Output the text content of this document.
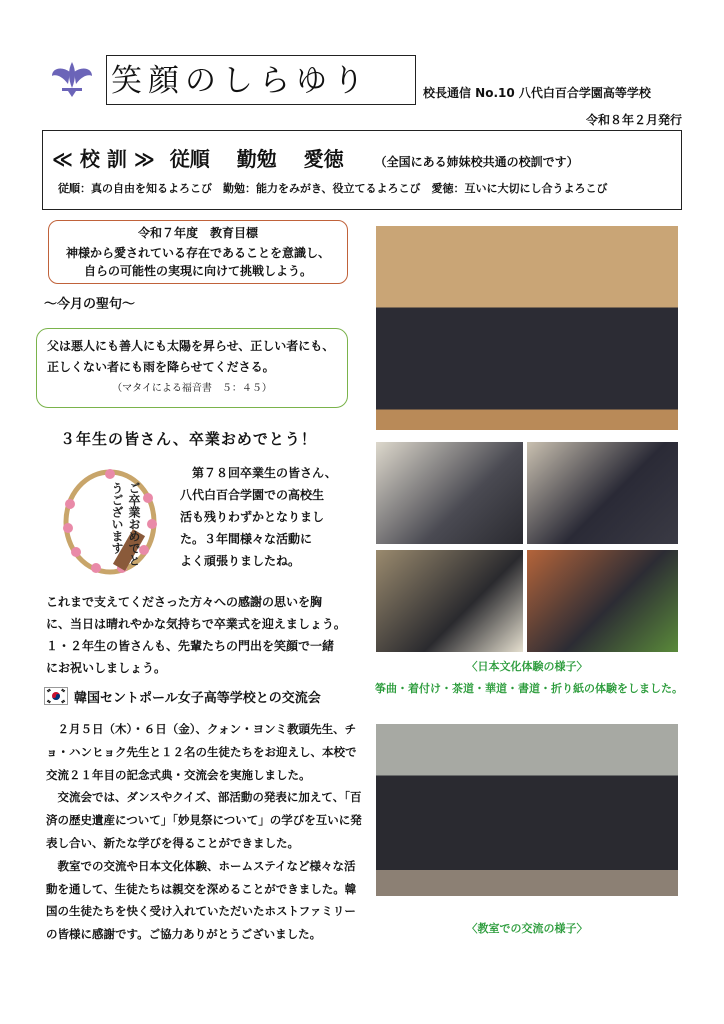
笑顔のしらゆり	校長通信 No.10 八代白百合学園高等学校
令和８年２月発行
≪ 校 訓 ≫ 従順　 勤勉 　愛徳	（全国にある姉妹校共通の校訓です）
従順：真の自由を知るよろこび　勤勉：能力をみがき、役立てるよろこび　愛徳：互いに大切にし合うよろこび
令和７年度　教育目標
神様から愛されている存在であることを意識し、
自らの可能性の実現に向けて挑戦しよう。
～今月の聖句～

父は悪人にも善人にも太陽を昇らせ、正しい者にも、

正しくない者にも雨を降らせてくださる。

（マタイによる福音書　５：４５）
３年生の皆さん、卒業おめでとう！
ご卒業おめでとうございます
第７８回卒業生の皆さん、
八代白百合学園での高校生
活も残りわずかとなりまし
た。３年間様々な活動に
よく頑張りましたね。
これまで支えてくださった方々への感謝の思いを胸
に、当日は晴れやかな気持ちで卒業式を迎えましょう。
１・２年生の皆さんも、先輩たちの門出を笑顔で一緒
にお祝いしましょう。
韓国セントポール女子高等学校との交流会

２月５日（木）・６日（金）、クォン・ヨンミ教頭先生、チョ・ハンヒョク先生と１２名の生徒たちをお迎えし、本校で交流２１年目の記念式典・交流会を実施しました。

交流会では、ダンスやクイズ、部活動の発表に加えて、「百済の歴史遺産について」「妙見祭について」の学びを互いに発表し合い、新たな学びを得ることができました。

教室での交流や日本文化体験、ホームステイなど様々な活動を通して、生徒たちは親交を深めることができました。韓国の生徒たちを快く受け入れていただいたホストファミリーの皆様に感謝です。ご協力ありがとうございました。

〈日本文化体験の様子〉
筝曲・着付け・茶道・華道・書道・折り紙の体験をしました。
〈教室での交流の様子〉
